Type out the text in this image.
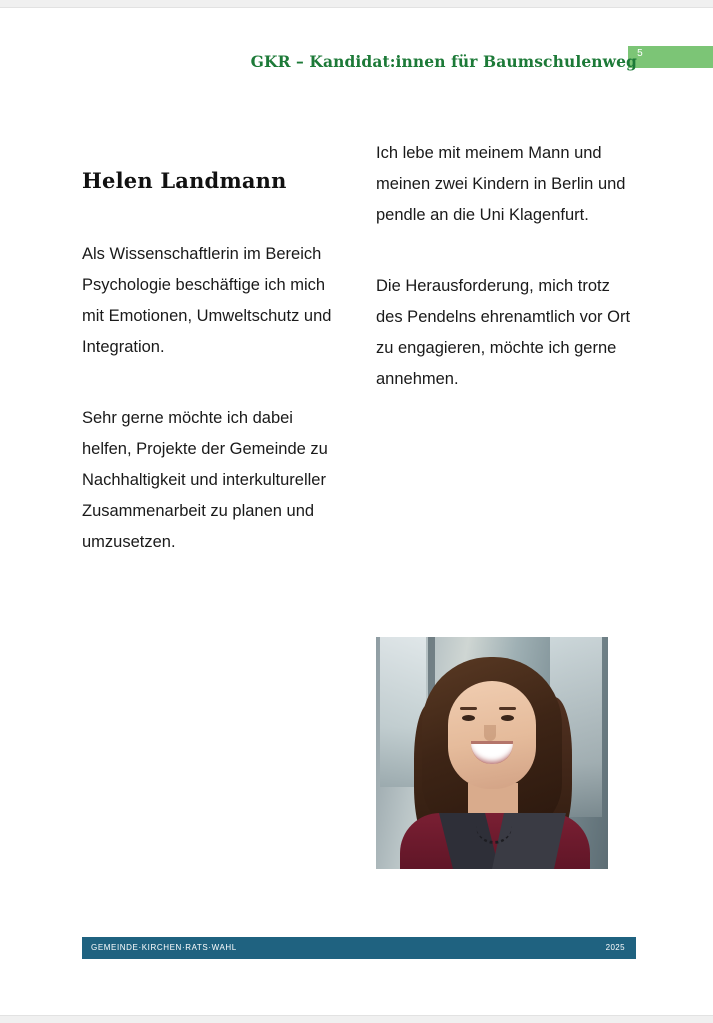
5
GKR – Kandidat:innen für Baumschulenweg
Helen Landmann

Als Wissenschaftlerin im Bereich Psychologie beschäftige ich mich mit Emotionen, Umweltschutz und Integration.

Sehr gerne möchte ich dabei helfen, Projekte der Gemeinde zu Nachhaltigkeit und interkultureller Zusammenarbeit zu planen und umzusetzen.

Ich lebe mit meinem Mann und meinen zwei Kindern in Berlin und pendle an die Uni Klagenfurt.

Die Herausforderung, mich trotz des Pendelns ehrenamtlich vor Ort zu engagieren, möchte ich gerne annehmen.

GEMEINDE·KIRCHEN·RATS·WAHL	2025
